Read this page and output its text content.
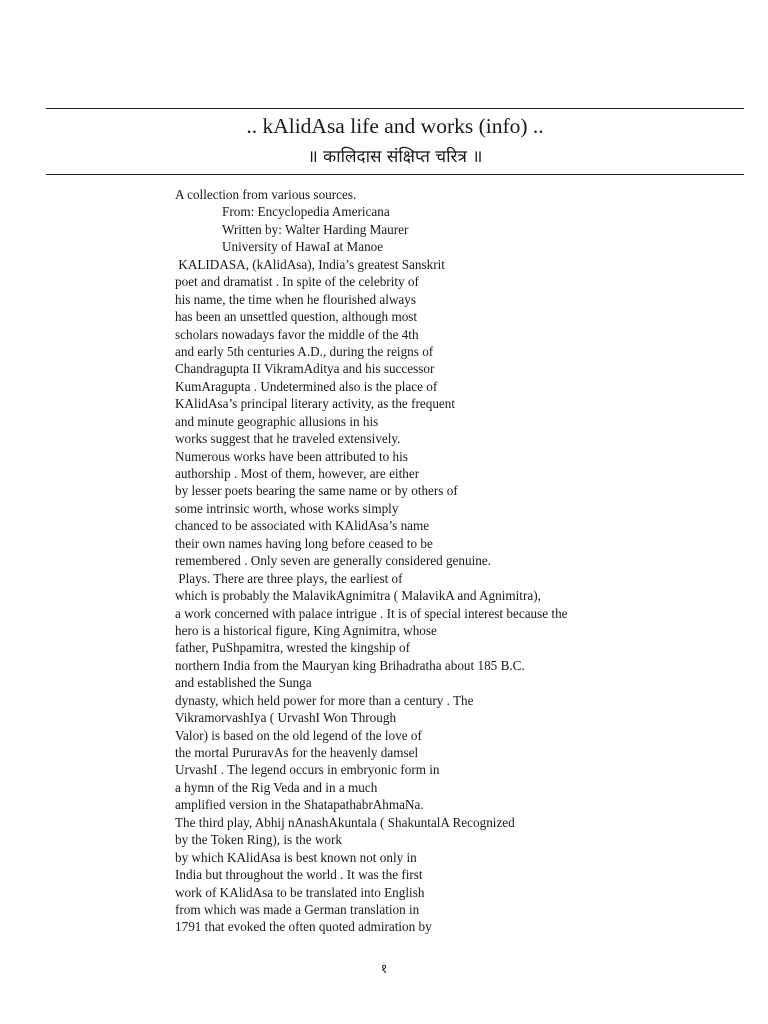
.. kAlidAsa life and works (info) ..
॥ कालिदास संक्षिप्त चरित्र ॥
A collection from various sources.
From: Encyclopedia Americana
Written by: Walter Harding Maurer
University of HawaI at Manoe
KALIDASA, (kAlidAsa), India’s greatest Sanskrit
poet and dramatist . In spite of the celebrity of
his name, the time when he flourished always
has been an unsettled question, although most
scholars nowadays favor the middle of the 4th
and early 5th centuries A.D., during the reigns of
Chandragupta II VikramAditya and his successor
KumAragupta . Undetermined also is the place of
KAlidAsa’s principal literary activity, as the frequent
and minute geographic allusions in his
works suggest that he traveled extensively.
Numerous works have been attributed to his
authorship . Most of them, however, are either
by lesser poets bearing the same name or by others of
some intrinsic worth, whose works simply
chanced to be associated with KAlidAsa’s name
their own names having long before ceased to be
remembered . Only seven are generally considered genuine.
Plays. There are three plays, the earliest of
which is probably the MalavikAgnimitra ( MalavikA and Agnimitra),
a work concerned with palace intrigue . It is of special interest because the
hero is a historical figure, King Agnimitra, whose
father, PuShpamitra, wrested the kingship of
northern India from the Mauryan king Brihadratha about 185 B.C.
and established the Sunga
dynasty, which held power for more than a century . The
VikramorvashIya ( UrvashI Won Through
Valor) is based on the old legend of the love of
the mortal PururavAs for the heavenly damsel
UrvashI . The legend occurs in embryonic form in
a hymn of the Rig Veda and in a much
amplified version in the ShatapathabrAhmaNa.
The third play, Abhij nAnashAkuntala ( ShakuntalA Recognized
by the Token Ring), is the work
by which KAlidAsa is best known not only in
India but throughout the world . It was the first
work of KAlidAsa to be translated into English
from which was made a German translation in
1791 that evoked the often quoted admiration by
१
